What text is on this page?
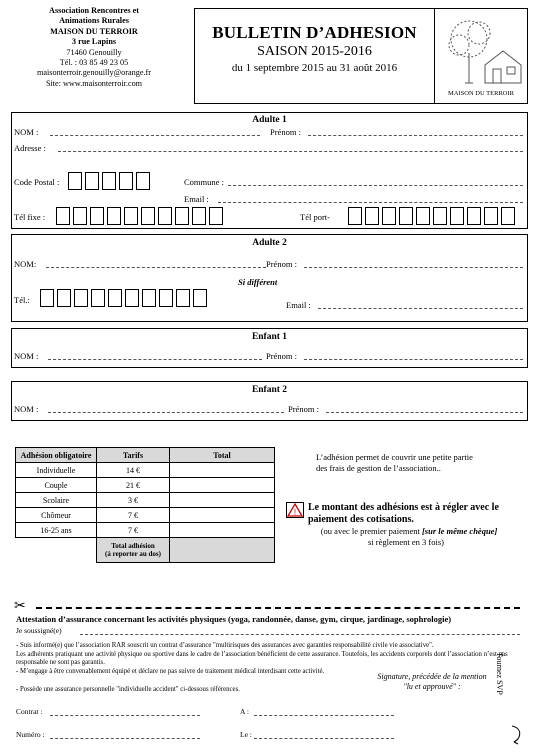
Association Rencontres et
Animations Rurales
MAISON DU TERROIR
3 rue Lapins
71460 Genouilly
Tél. : 03 85 49 23 05
maisonterroir.genouilly@orange.fr
Site: www.maisonterroir.com
BULLETIN D’ADHESION
SAISON 2015-2016
du 1 septembre 2015 au 31 août 2016
MAISON DU TERROIR
Adulte 1
NOM :	Prénom :
Adresse :
Code Postal :	Commune :
Email :
Tél fixe :	Tél port-
Adulte 2
NOM:	Prénom :
Si différent
Tél.:	Email :
Enfant 1
NOM :	Prénom :
Enfant 2
NOM :	Prénom :
Adhésion obligatoire	Tarifs	Total
Individuelle	14 €	
Couple	21 €	
Scolaire	3 €	
Chômeur	7 €	
16-25 ans	7 €	

	Total adhésion
(à reporter au dos)	

L’adhésion permet de couvrir une petite partie
des frais de gestion de l’association..
! Le montant des adhésions est à régler avec le
paiement des cotisations.
(ou avec le premier paiement [sur le même chèque]
si règlement en 3 fois)
✂
Attestation d’assurance concernant les activités physiques (yoga, randonnée, danse, gym, cirque, jardinage, sophrologie)
Je soussigné(e)
- Suis informé(e) que l’association RAR souscrit un contrat d’assurance "multirisques des assurances avec garanties responsabilité civile vie associative".
Les adhérents pratiquant une activité physique ou sportive dans le cadre de l’association bénéficient de cette assurance. Toutefois, les accidents corporels dont l’association n’est pas responsable ne sont pas garantis.
- M’engage à être convenablement équipé et déclare ne pas suivre de traitement médical interdisant cette activité.
- Possède une assurance personnelle "individuelle accident" ci-dessous références.
Signature, précédée de la mention
"lu et approuvé" :	Tournez SVP
Contrat :	A :
Numéro :	Le :
